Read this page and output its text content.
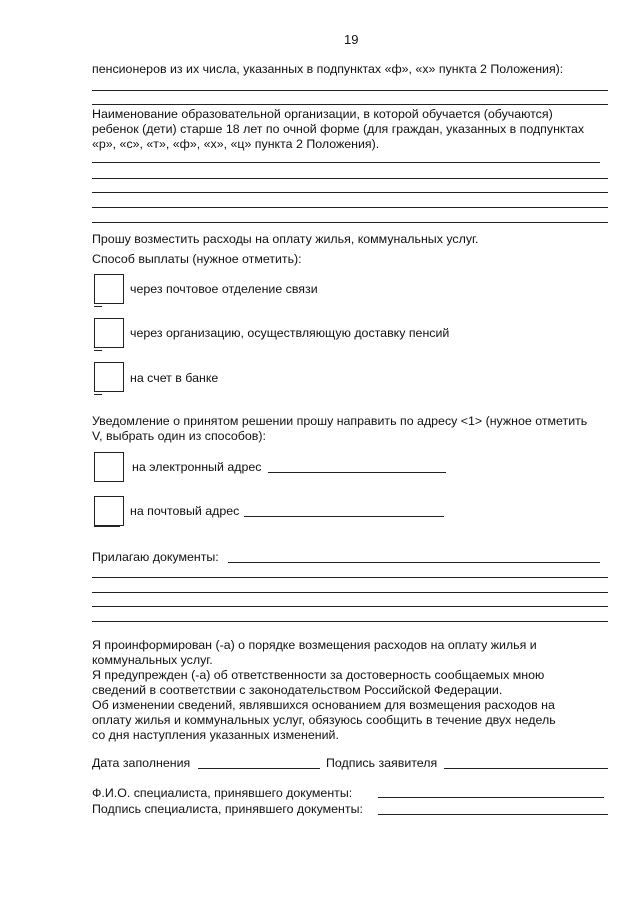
19
пенсионеров из их числа, указанных в подпунктах «ф», «х» пункта 2 Положения):
Наименование образовательной организации, в которой обучается (обучаются)
ребенок (дети) старше 18 лет по очной форме (для граждан, указанных в подпунктах
«р», «с», «т», «ф», «х», «ц» пункта 2 Положения).
Прошу возместить расходы на оплату жилья, коммунальных услуг.
Способ выплаты (нужное отметить):
через почтовое отделение связи
через организацию, осуществляющую доставку пенсий
на счет в банке
Уведомление о принятом решении прошу направить по адресу <1> (нужное отметить
V, выбрать один из способов):
на электронный адрес
на почтовый адрес
Прилагаю документы:
Я проинформирован (-а) о порядке возмещения расходов на оплату жилья и
коммунальных услуг.
Я предупрежден (-а) об ответственности за достоверность сообщаемых мною
сведений в соответствии с законодательством Российской Федерации.
Об изменении сведений, являвшихся основанием для возмещения расходов на
оплату жилья и коммунальных услуг, обязуюсь сообщить в течение двух недель
со дня наступления указанных изменений.
Дата заполнения	Подпись заявителя
Ф.И.О. специалиста, принявшего документы:
Подпись специалиста, принявшего документы:
